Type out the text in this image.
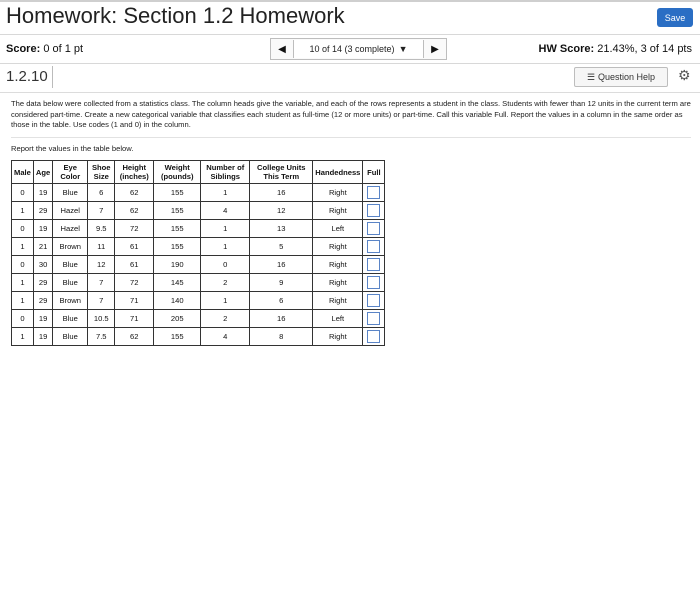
Homework: Section 1.2 Homework	Save
Score: 0 of 1 pt	◀	10 of 14 (3 complete) ▼	▶	HW Score: 21.43%, 3 of 14 pts
1.2.10	☰ Question Help ⚙
The data below were collected from a statistics class. The column heads give the variable, and each of the rows represents a student in the class. Students with fewer than 12 units in the current term are considered part-time. Create a new categorical variable that classifies each student as full-time (12 or more units) or part-time. Call this variable Full. Report the values in a column in the same order as those in the table. Use codes (1 and 0) in the column.
Report the values in the table below.
Male	Age	Eye Color	Shoe Size	Height (inches)	Weight (pounds)	Number of Siblings	College Units This Term	Handedness	Full
0	19	Blue	6	62	155	1	16	Right	

1	29	Hazel	7	62	155	4	12	Right	

0	19	Hazel	9.5	72	155	1	13	Left	

1	21	Brown	11	61	155	1	5	Right	

0	30	Blue	12	61	190	0	16	Right	

1	29	Blue	7	72	145	2	9	Right	

1	29	Brown	7	71	140	1	6	Right	

0	19	Blue	10.5	71	205	2	16	Left	

1	19	Blue	7.5	62	155	4	8	Right	
